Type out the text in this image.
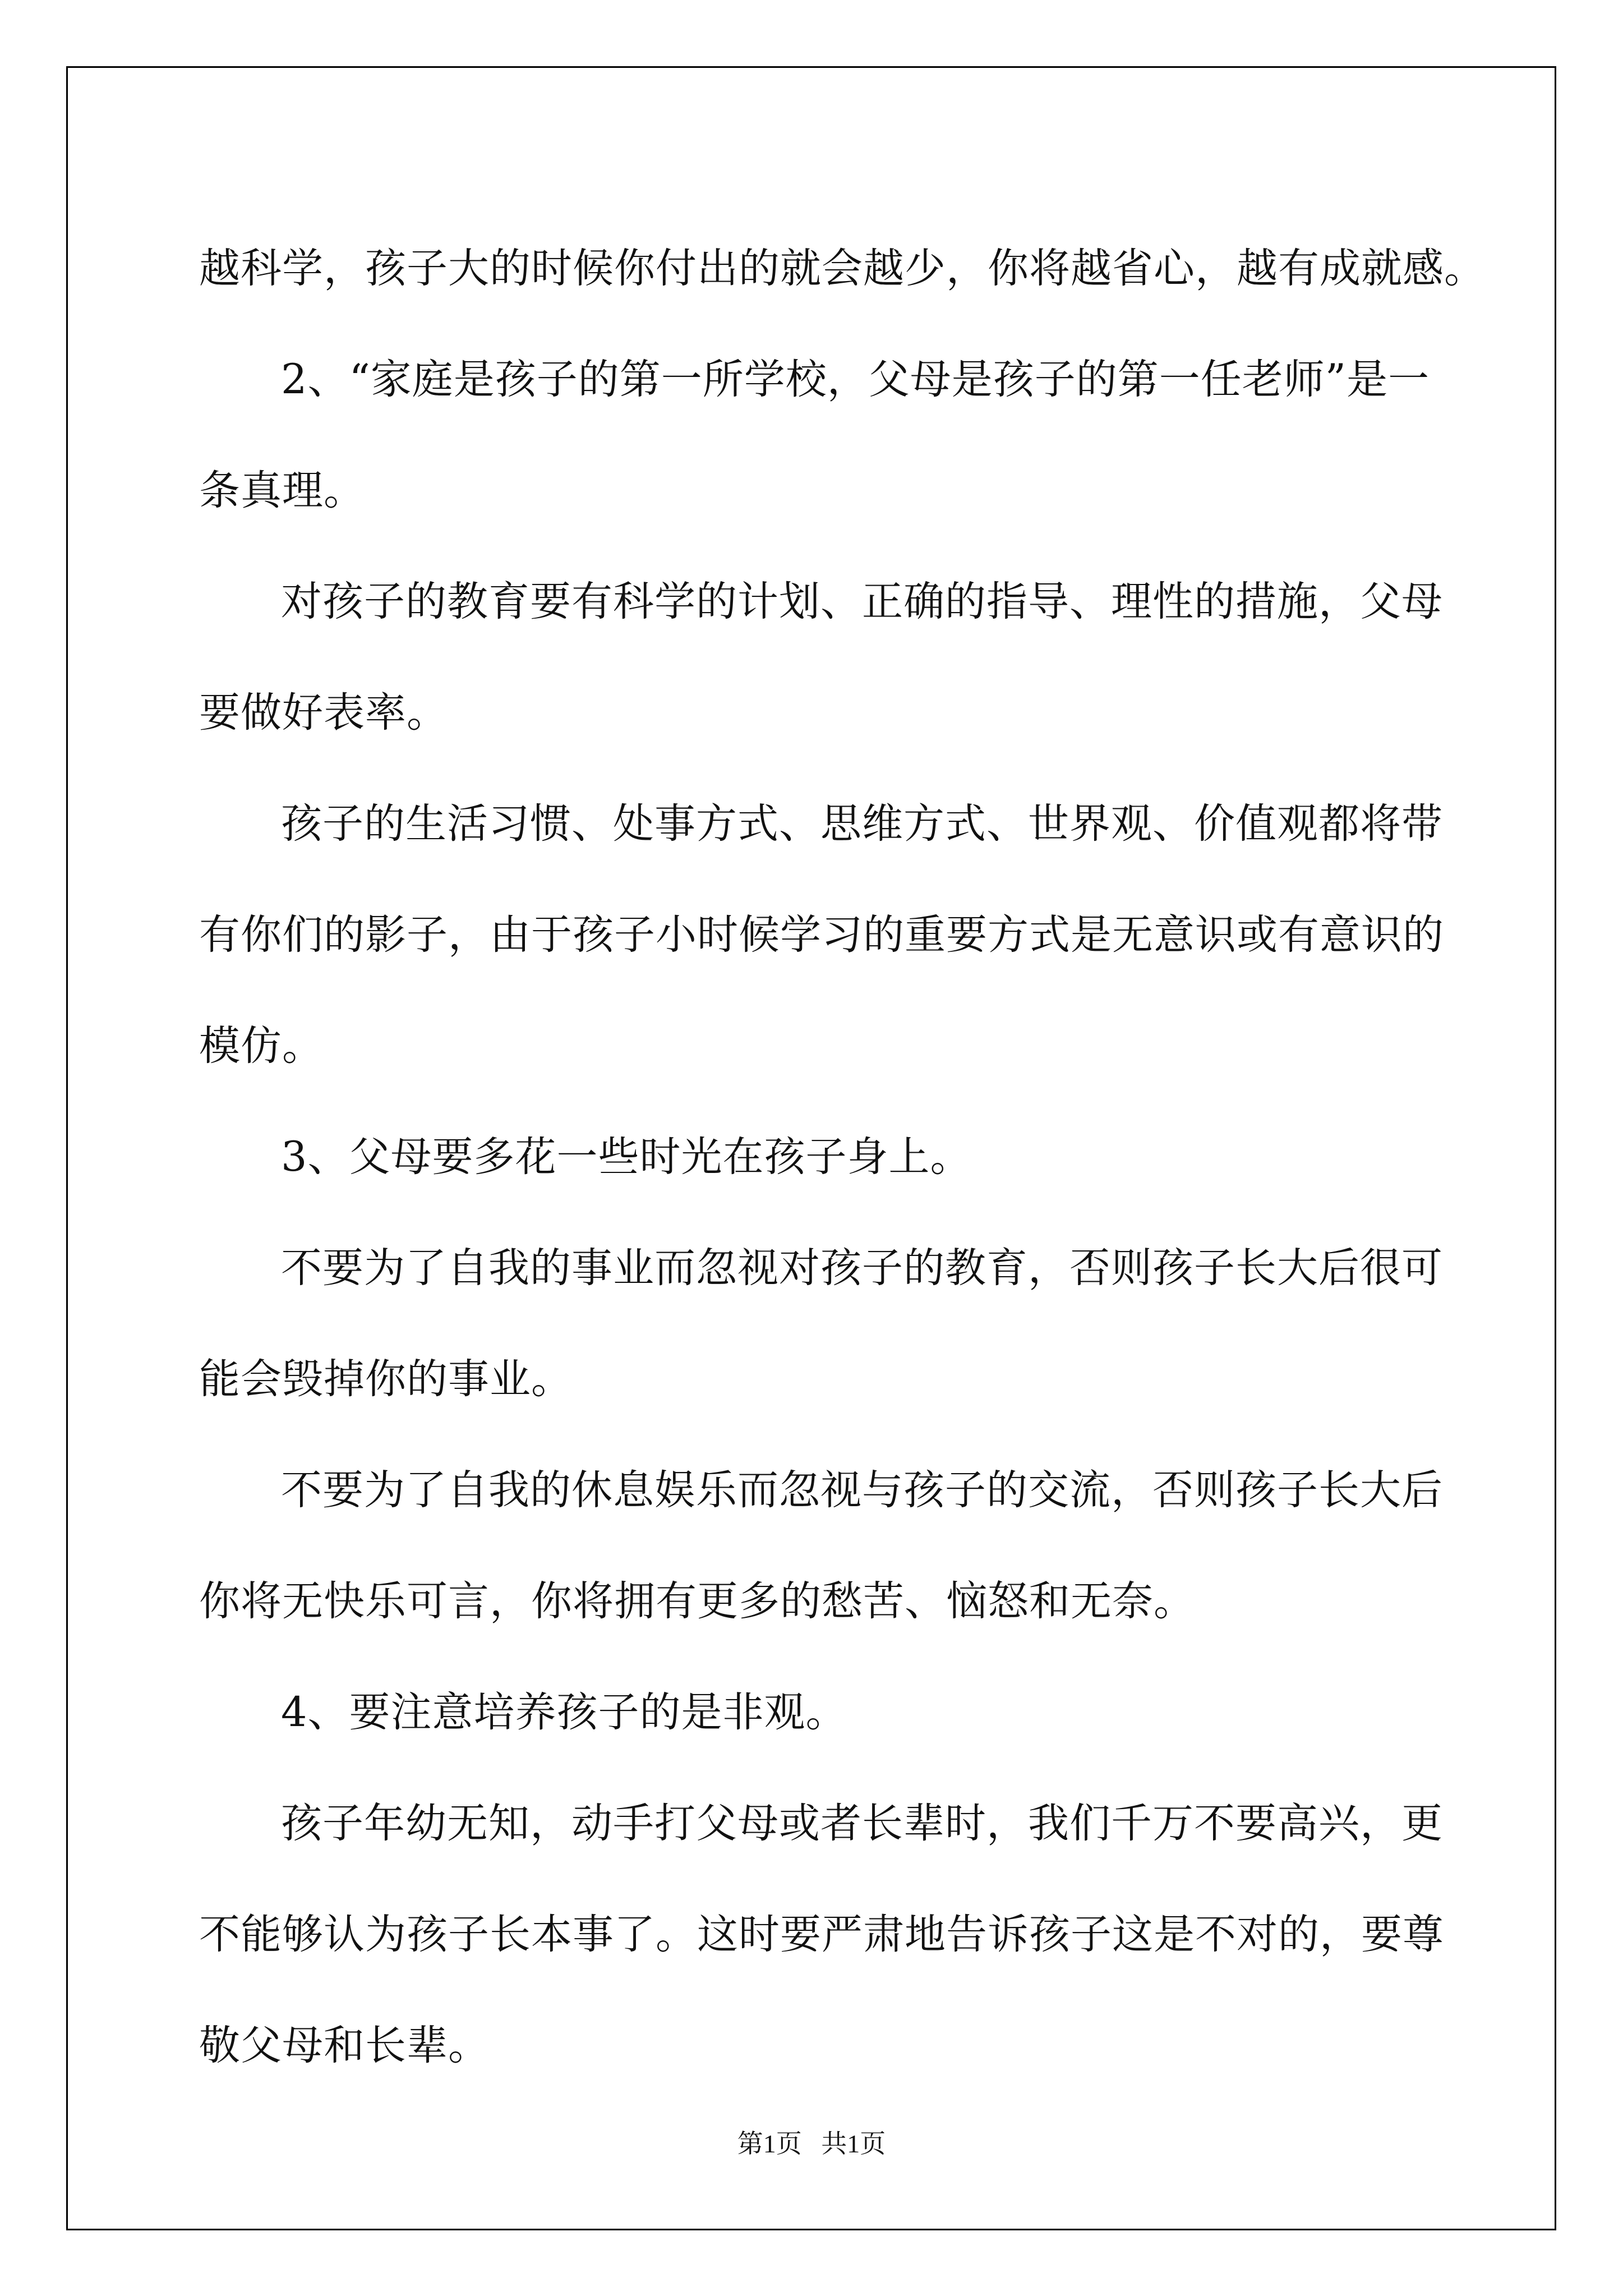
越科学，孩子大的时候你付出的就会越少，你将越省心，越有成就感。
2、“家庭是孩子的第一所学校，父母是孩子的第一任老师”是一
条真理。
对孩子的教育要有科学的计划、正确的指导、理性的措施，父母
要做好表率。
孩子的生活习惯、处事方式、思维方式、世界观、价值观都将带
有你们的影子，由于孩子小时候学习的重要方式是无意识或有意识的
模仿。
3、父母要多花一些时光在孩子身上。
不要为了自我的事业而忽视对孩子的教育，否则孩子长大后很可
能会毁掉你的事业。
不要为了自我的休息娱乐而忽视与孩子的交流，否则孩子长大后
你将无快乐可言，你将拥有更多的愁苦、恼怒和无奈。
4、要注意培养孩子的是非观。
孩子年幼无知，动手打父母或者长辈时，我们千万不要高兴，更
不能够认为孩子长本事了。这时要严肃地告诉孩子这是不对的，要尊
敬父母和长辈。
第1页 共1页
